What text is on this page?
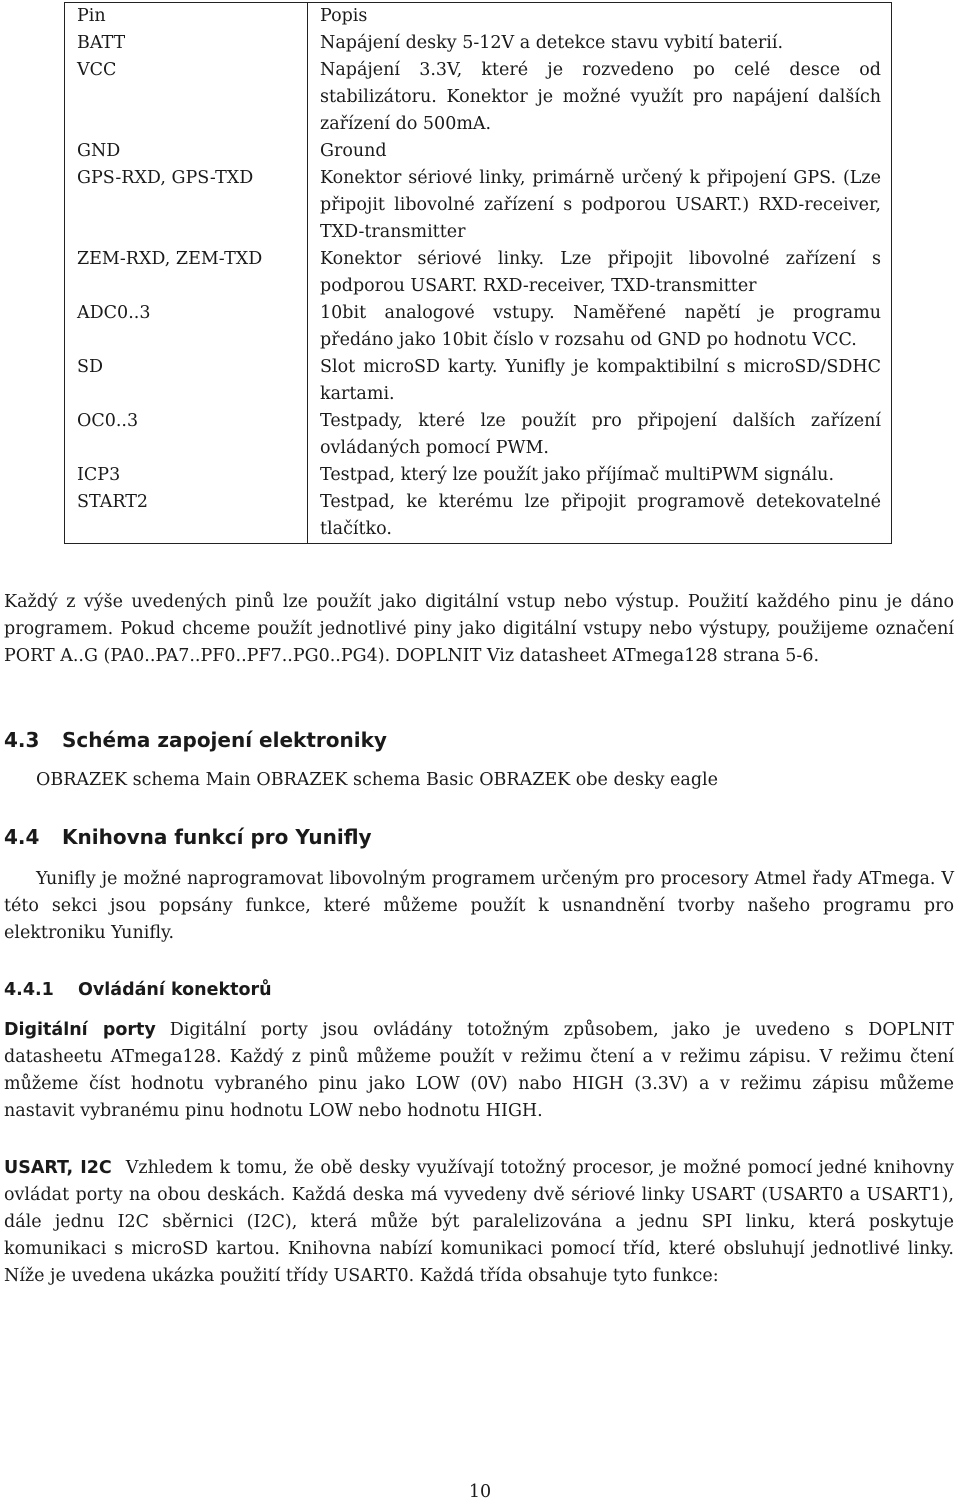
Pin	Popis
BATT	Napájení desky 5-12V a detekce stavu vybití baterií.
VCC	Napájení 3.3V, které je rozvedeno po celé desce od stabilizátoru. Konektor je možné využít pro napájení dalších zařízení do 500mA.
GND	Ground
GPS-RXD, GPS-TXD	Konektor sériové linky, primárně určený k připojení GPS. (Lze připojit libovolné zařízení s podporou USART.) RXD-receiver, TXD-transmitter
ZEM-RXD, ZEM-TXD	Konektor sériové linky. Lze připojit libovolné zařízení s podporou USART. RXD-receiver, TXD-transmitter
ADC0..3	10bit analogové vstupy. Naměřené napětí je programu předáno jako 10bit číslo v rozsahu od GND po hodnotu VCC.
SD	Slot microSD karty. Yunifly je kompaktibilní s microSD/SDHC kartami.
OC0..3	Testpady, které lze použít pro připojení dalších zařízení ovládaných pomocí PWM.
ICP3	Testpad, který lze použít jako příjímač multiPWM signálu.
START2	Testpad, ke kterému lze připojit programově detekovatelné tlačítko.

Každý z výše uvedených pinů lze použít jako digitální vstup nebo výstup. Použití každého pinu je dáno programem. Pokud chceme použít jednotlivé piny jako digitální vstupy nebo výstupy, použijeme označení PORT A..G (PA0..PA7..PF0..PF7..PG0..PG4). DOPLNIT Viz datasheet ATmega128 strana 5-6.

4.3 Schéma zapojení elektroniky

OBRAZEK schema Main OBRAZEK schema Basic OBRAZEK obe desky eagle

4.4 Knihovna funkcí pro Yunifly

Yunifly je možné naprogramovat libovolným programem určeným pro procesory Atmel řady ATmega. V této sekci jsou popsány funkce, které můžeme použít k usnandnění tvorby našeho programu pro elektroniku Yunifly.

4.4.1 Ovládání konektorů

Digitální porty Digitální porty jsou ovládány totožným způsobem, jako je uvedeno s DOPLNIT datasheetu ATmega128. Každý z pinů můžeme použít v režimu čtení a v režimu zápisu. V režimu čtení můžeme číst hodnotu vybraného pinu jako LOW (0V) nabo HIGH (3.3V) a v režimu zápisu můžeme nastavit vybranému pinu hodnotu LOW nebo hodnotu HIGH.

USART, I2C Vzhledem k tomu, že obě desky využívají totožný procesor, je možné pomocí jedné knihovny ovládat porty na obou deskách. Každá deska má vyvedeny dvě sériové linky USART (USART0 a USART1), dále jednu I2C sběrnici (I2C), která může být paralelizována a jednu SPI linku, která poskytuje komunikaci s microSD kartou. Knihovna nabízí komunikaci pomocí tříd, které obsluhují jednotlivé linky. Níže je uvedena ukázka použití třídy USART0. Každá třída obsahuje tyto funkce:

10
